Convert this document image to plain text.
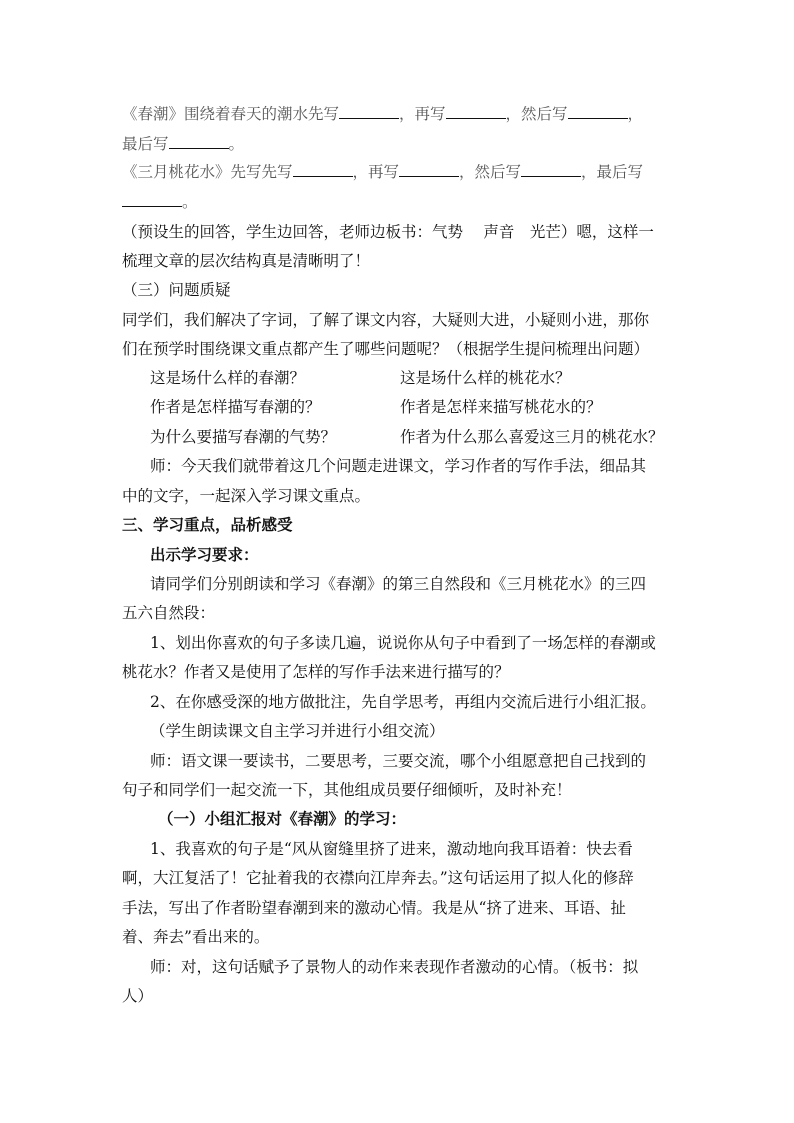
《春潮》围绕着春天的潮水先写	，再写	，然后写	，
最后写	。
《三月桃花水》先写先写	，再写	，然后写	，最后写
。
（预设生的回答，学生边回答，老师边板书：气势　 声音　光芒）嗯，这样一
梳理文章的层次结构真是清晰明了！
（三）问题质疑
同学们，我们解决了字词，了解了课文内容，大疑则大进，小疑则小进，那你
们在预学时围绕课文重点都产生了哪些问题呢？（根据学生提问梳理出问题）
这是场什么样的春潮？	这是场什么样的桃花水？
作者是怎样描写春潮的？	作者是怎样来描写桃花水的？
为什么要描写春潮的气势？	作者为什么那么喜爱这三月的桃花水？
师：今天我们就带着这几个问题走进课文，学习作者的写作手法，细品其
中的文字，一起深入学习课文重点。
三、学习重点，品析感受
出示学习要求：
请同学们分别朗读和学习《春潮》的第三自然段和《三月桃花水》的三四
五六自然段：
1、划出你喜欢的句子多读几遍，说说你从句子中看到了一场怎样的春潮或
桃花水？作者又是使用了怎样的写作手法来进行描写的？
2、在你感受深的地方做批注，先自学思考，再组内交流后进行小组汇报。
（学生朗读课文自主学习并进行小组交流）
师：语文课一要读书，二要思考，三要交流，哪个小组愿意把自己找到的
句子和同学们一起交流一下，其他组成员要仔细倾听，及时补充！
（一）小组汇报对《春潮》的学习：
1、我喜欢的句子是“风从窗缝里挤了进来，激动地向我耳语着：快去看
啊，大江复活了！它扯着我的衣襟向江岸奔去。”这句话运用了拟人化的修辞
手法，写出了作者盼望春潮到来的激动心情。我是从“挤了进来、耳语、扯
着、奔去”看出来的。
师：对，这句话赋予了景物人的动作来表现作者激动的心情。（板书：拟
人）
